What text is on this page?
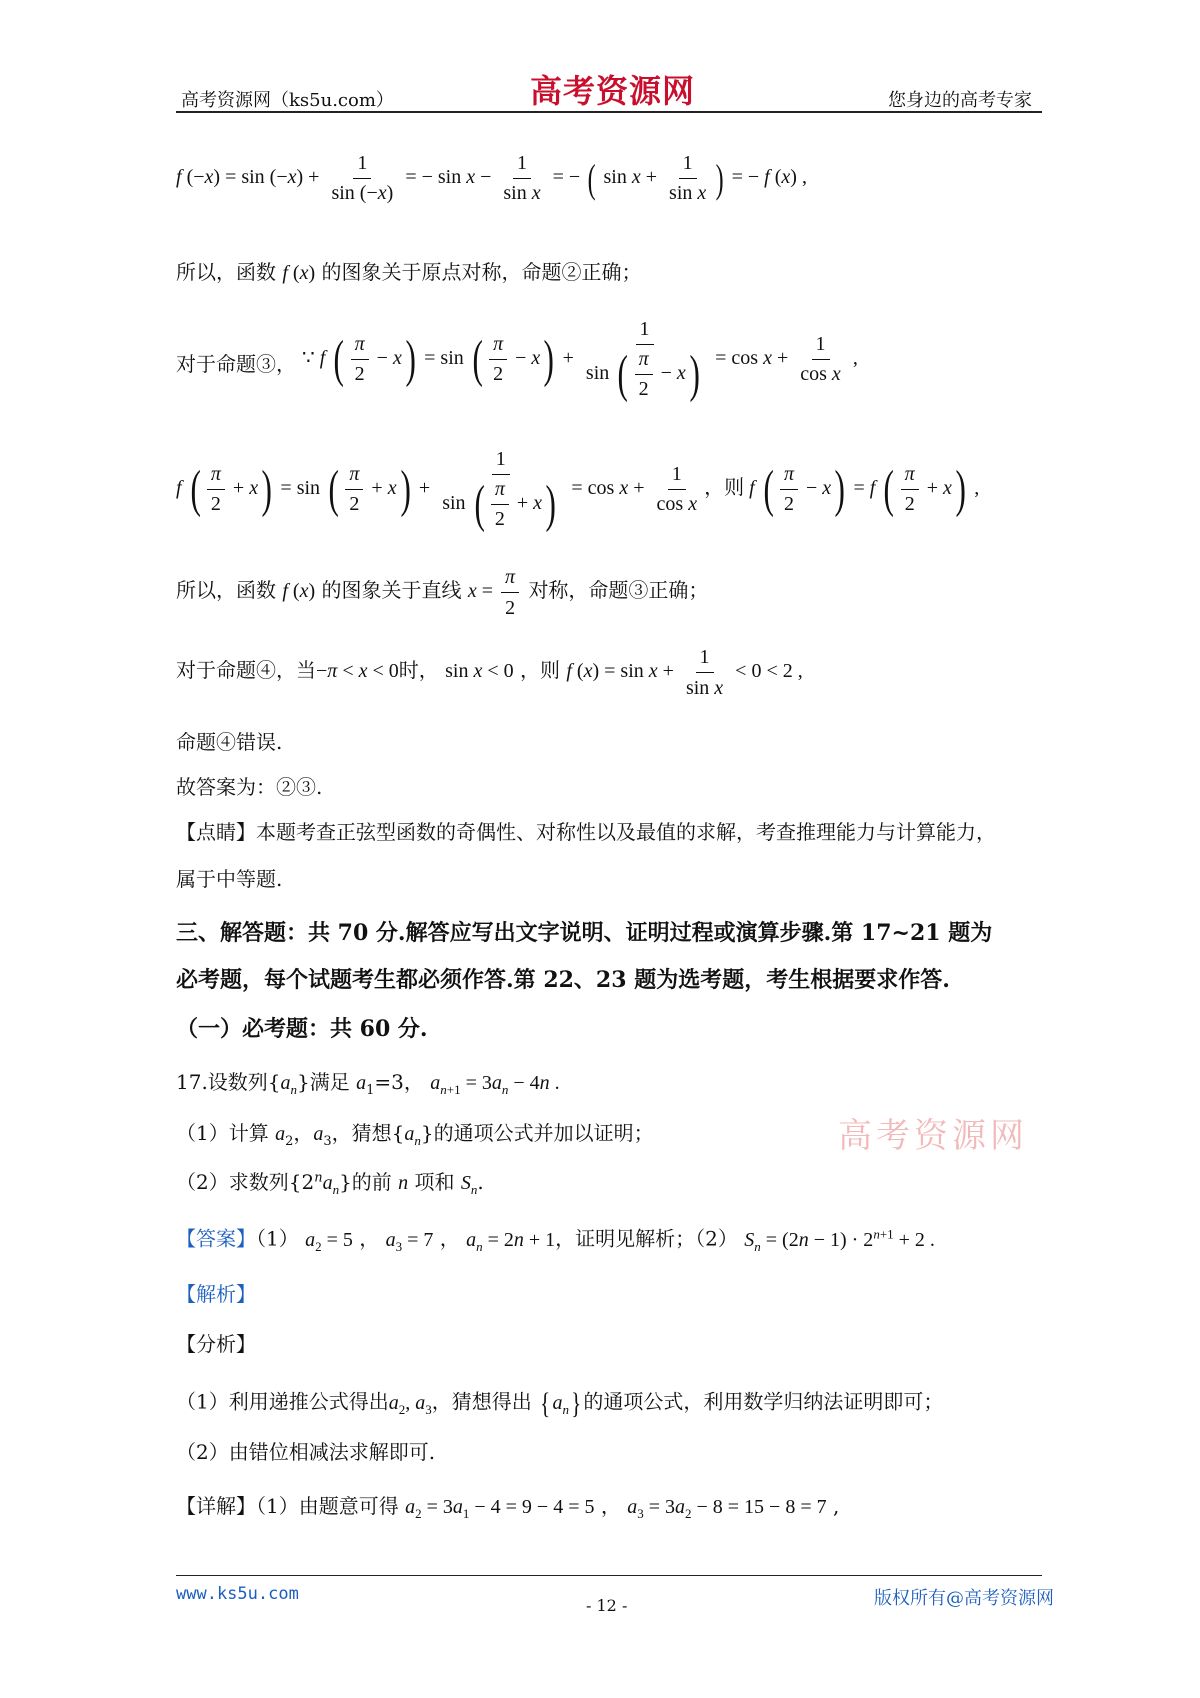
高考资源网（ks5u.com）	高考资源网	您身边的高考专家
f $(-x) = \sin (-x) + \frac{1}{\sin (-x)}$ = − $\sin x - \frac{1}{\text{sin x}}$ = − ( $\sin x + \frac{1}{\text{sin x}}$ ) = − f (x) ,
所以，函数 f (x) 的图象关于原点对称，命题②正确；
对于命题③， ∵ f ( $\frac{\pi}{2} - x) = \sin$ ( $\frac{\pi}{2} - x) + \frac{1}{\sin ( \frac{\pi}{2} - x)} = \cos x + \frac{1}{\text{cos x}}$ ,
f ( $\frac{\pi}{2} + x) = \sin$ ( $\frac{\pi}{2} + x) + \frac{1}{\sin ( \frac{\pi}{2} + x)} = \cos x + \frac{1}{\text{cos x}}$ ，则 f ( $\frac{\pi}{2} - x) = f$ ( $\frac{\pi}{2} + x$) ,
所以，函数 f (x) 的图象关于直线 $x = \frac{\pi}{2}$ 对称，命题③正确；
对于命题④，当−π < x < 0时， sin x < 0 ，则 f $(x) = \sin x + \frac{1}{\text{sin x}} < 0 < 2$ ,
命题④错误.
故答案为：②③.
【点睛】本题考查正弦型函数的奇偶性、对称性以及最值的求解，考查推理能力与计算能力，
属于中等题.
三、解答题：共 70 分.解答应写出文字说明、证明过程或演算步骤.第 17~21 题为
必考题，每个试题考生都必须作答.第 22、23 题为选考题，考生根据要求作答.
（一）必考题：共 60 分.
17.设数列$\{a_n\}$满足 $a_1=3$， $a_{n+1} = 3a_n - 4n$ .
（1）计算 $a_2$，$a_3$，猜想$\{a_n\}$的通项公式并加以证明；	高考资源网
（2）求数列$\{2^na_n\}$的前 n 项和 $S_n$.
【答案】（1） $a_2 = 5$ ， $a_3 = 7$ ， $a_n = 2n + 1$，证明见解析；（2） $S_n = (2n - 1) \cdot 2^{n+1} + 2$ .
【解析】
【分析】
（1）利用递推公式得出$a_2$, $a_3$，猜想得出 { $a_n$} 的通项公式，利用数学归纳法证明即可；
（2）由错位相减法求解即可.
【详解】（1）由题意可得 $a_2 = 3a_1 - 4 = 9 - 4 = 5$ ， $a_3 = 3a_2 - 8 = 15 - 8 = 7$ ,
www.ks5u.com
- 12 -	版权所有@高考资源网
